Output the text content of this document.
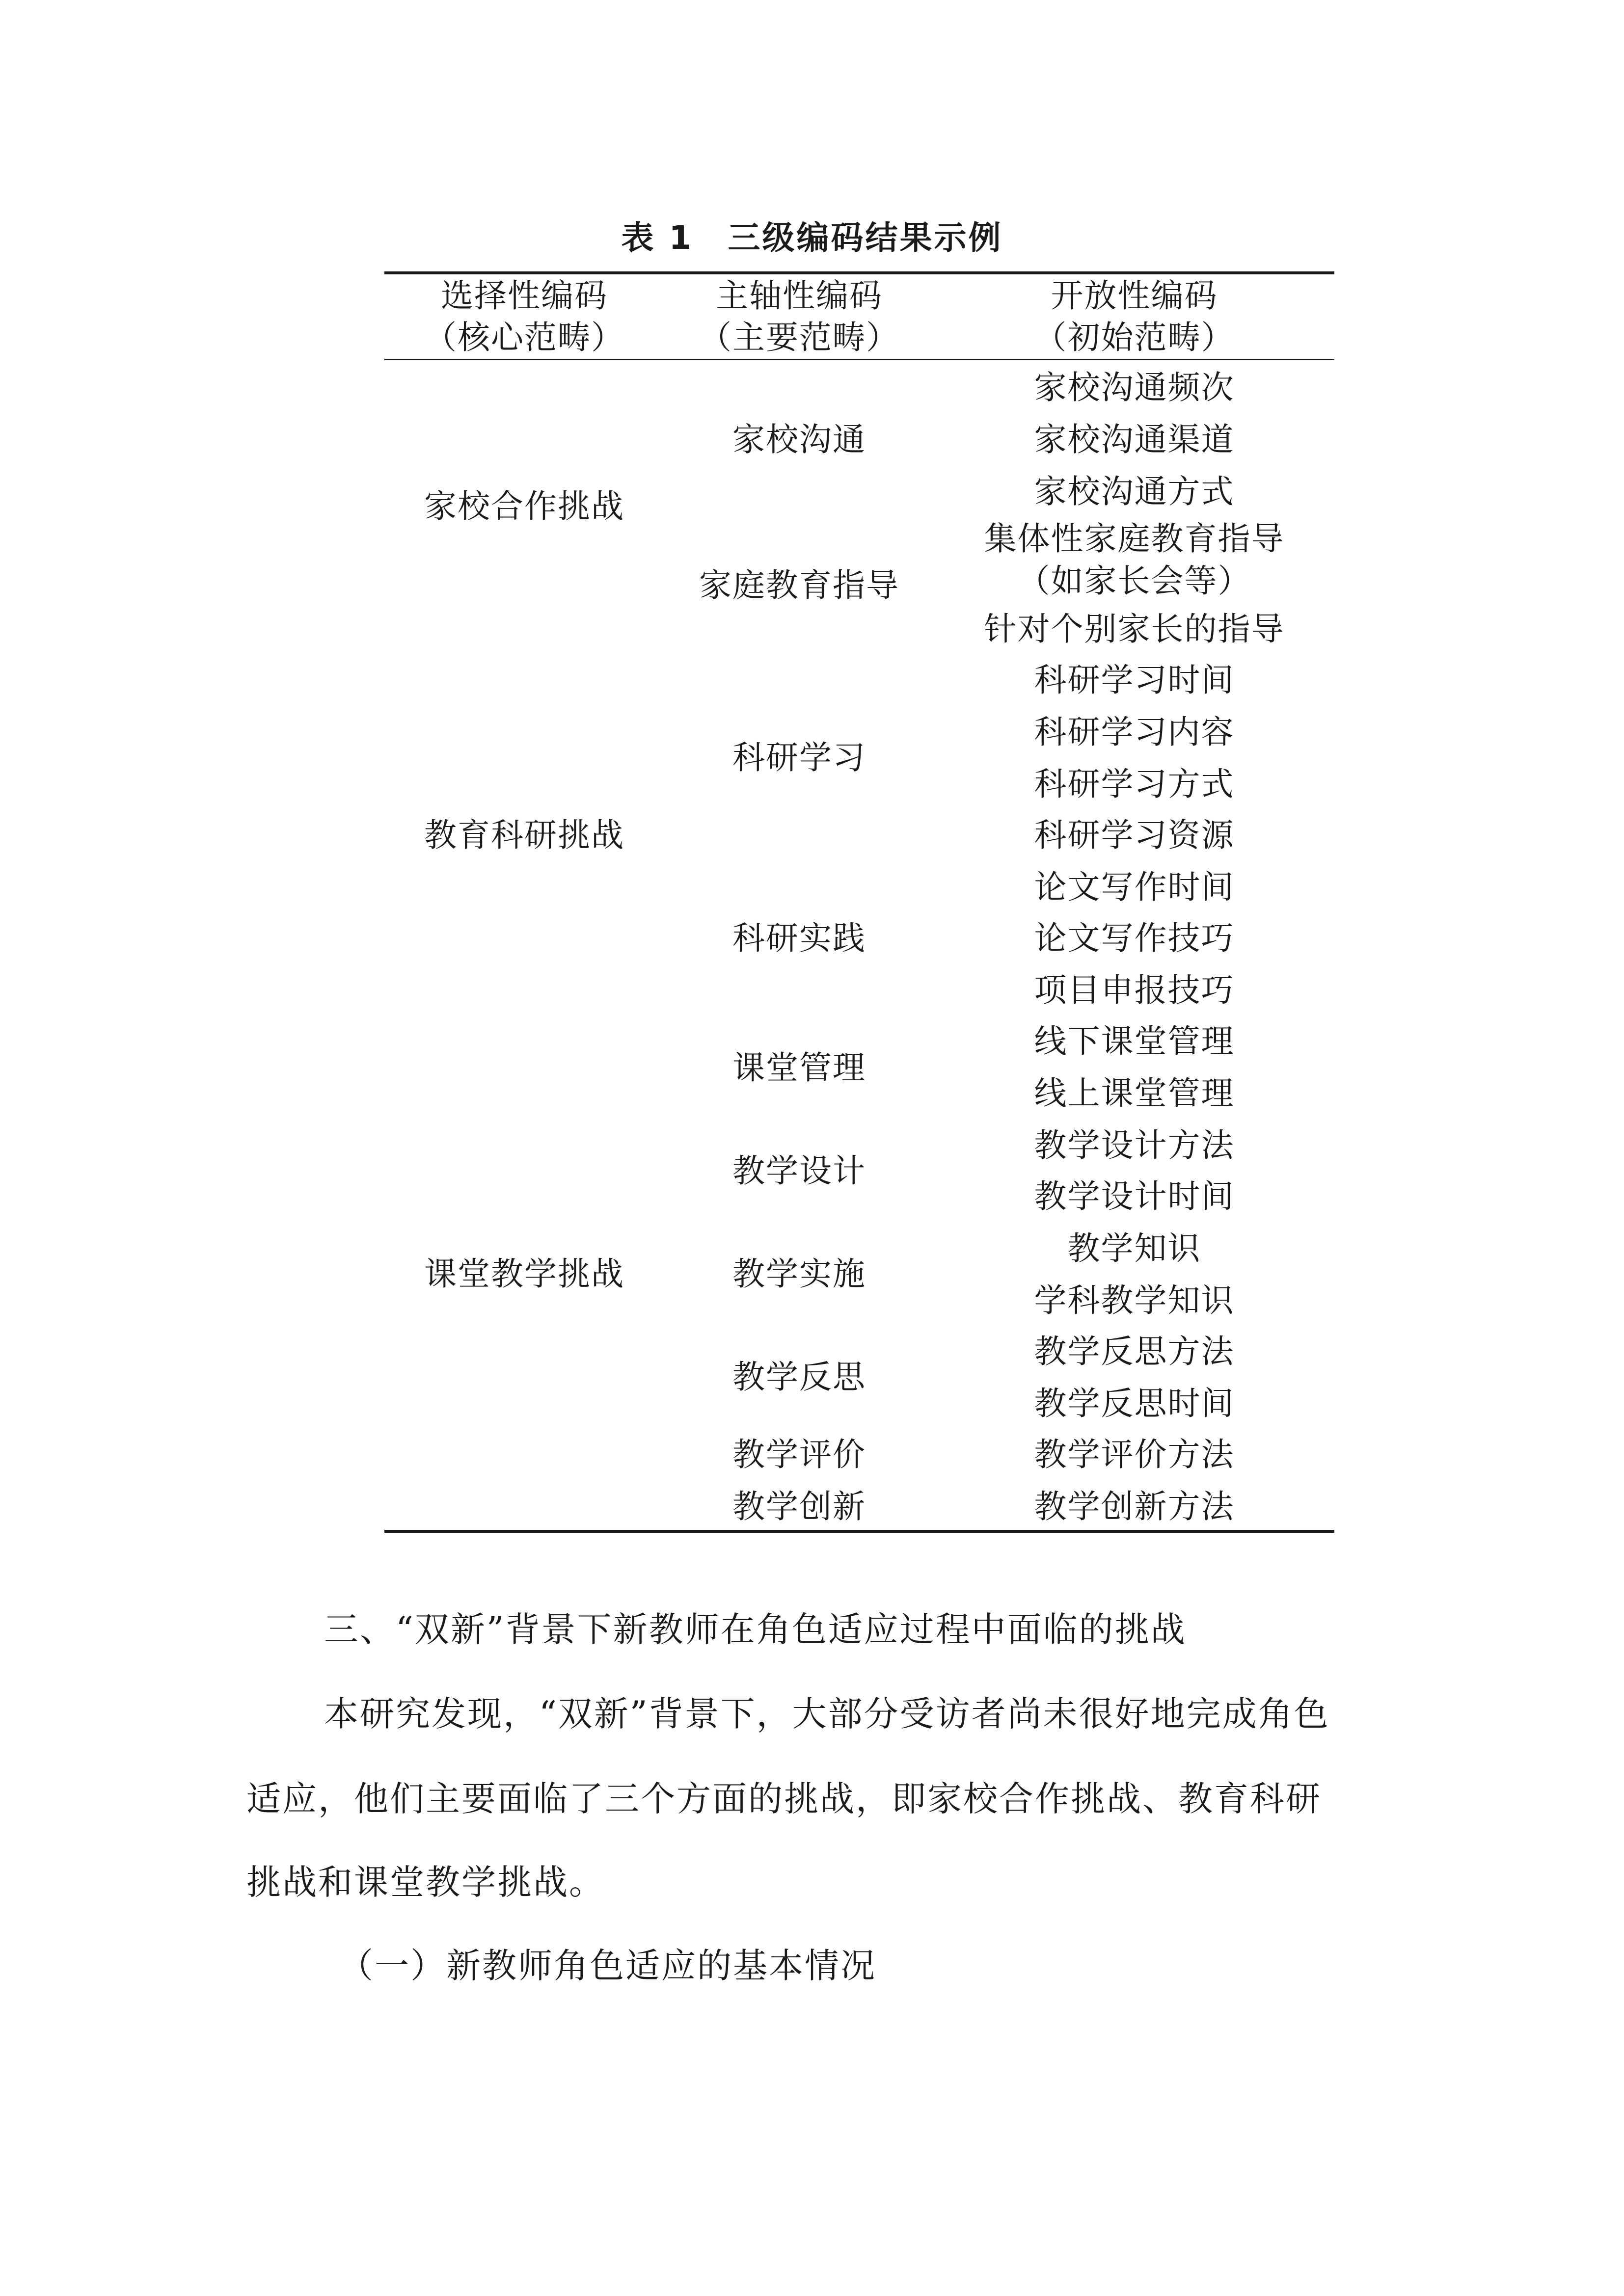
表 1 三级编码结果示例
选择性编码
（核心范畴）
主轴性编码
（主要范畴）
开放性编码
（初始范畴）
家校合作挑战
教育科研挑战
课堂教学挑战
家校沟通
家庭教育指导
科研学习
科研实践
课堂管理
教学设计
教学实施
教学反思
教学评价
教学创新
家校沟通频次
家校沟通渠道
家校沟通方式
集体性家庭教育指导
（如家长会等）
针对个别家长的指导
科研学习时间
科研学习内容
科研学习方式
科研学习资源
论文写作时间
论文写作技巧
项目申报技巧
线下课堂管理
线上课堂管理
教学设计方法
教学设计时间
教学知识
学科教学知识
教学反思方法
教学反思时间
教学评价方法
教学创新方法
三、“双新”背景下新教师在角色适应过程中面临的挑战
本研究发现，“双新”背景下，大部分受访者尚未很好地完成角色
适应，他们主要面临了三个方面的挑战，即家校合作挑战、教育科研
挑战和课堂教学挑战。
（一）新教师角色适应的基本情况
